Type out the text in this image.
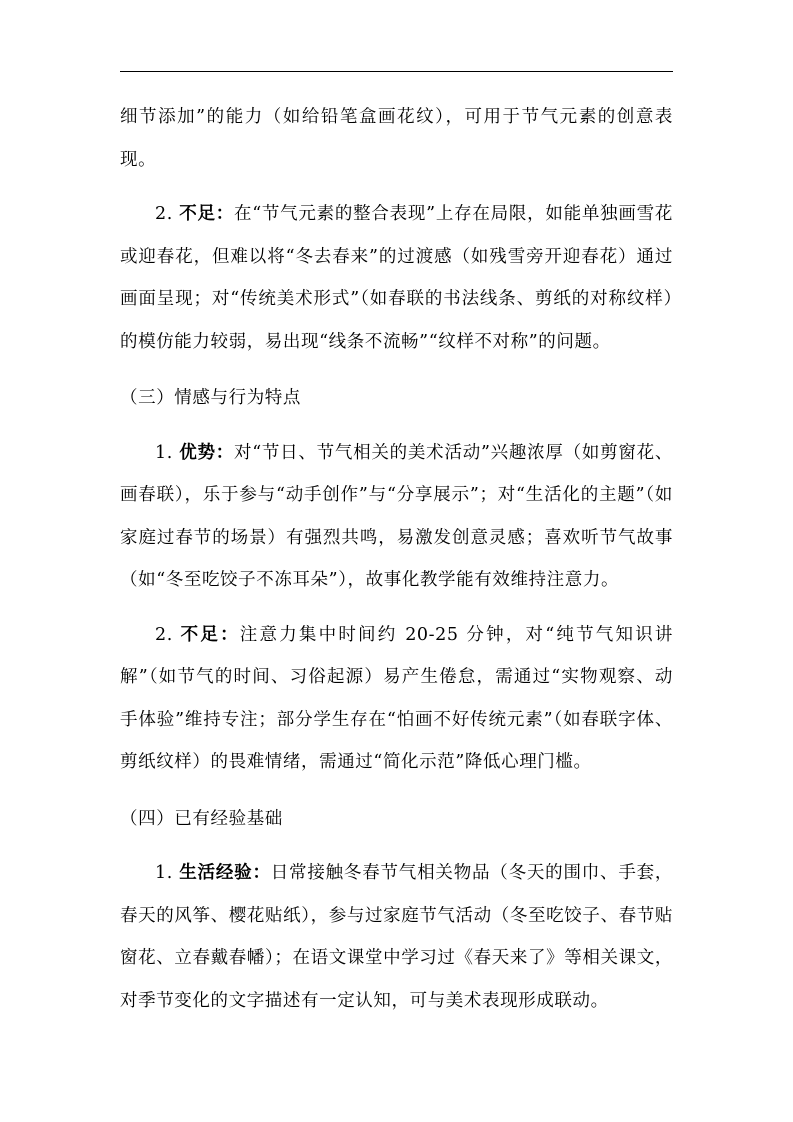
细节添加”的能力（如给铅笔盒画花纹），可用于节气元素的创意表现。

2. 不足：在“节气元素的整合表现”上存在局限，如能单独画雪花或迎春花，但难以将“冬去春来”的过渡感（如残雪旁开迎春花）通过画面呈现；对“传统美术形式”（如春联的书法线条、剪纸的对称纹样）的模仿能力较弱，易出现“线条不流畅”“纹样不对称”的问题。

（三）情感与行为特点

1. 优势：对“节日、节气相关的美术活动”兴趣浓厚（如剪窗花、画春联），乐于参与“动手创作”与“分享展示”；对“生活化的主题”（如家庭过春节的场景）有强烈共鸣，易激发创意灵感；喜欢听节气故事（如“冬至吃饺子不冻耳朵”），故事化教学能有效维持注意力。

2. 不足：注意力集中时间约 20-25 分钟，对“纯节气知识讲解”（如节气的时间、习俗起源）易产生倦怠，需通过“实物观察、动手体验”维持专注；部分学生存在“怕画不好传统元素”（如春联字体、剪纸纹样）的畏难情绪，需通过“简化示范”降低心理门槛。

（四）已有经验基础

1. 生活经验：日常接触冬春节气相关物品（冬天的围巾、手套，春天的风筝、樱花贴纸），参与过家庭节气活动（冬至吃饺子、春节贴窗花、立春戴春幡）；在语文课堂中学习过《春天来了》等相关课文，对季节变化的文字描述有一定认知，可与美术表现形成联动。
